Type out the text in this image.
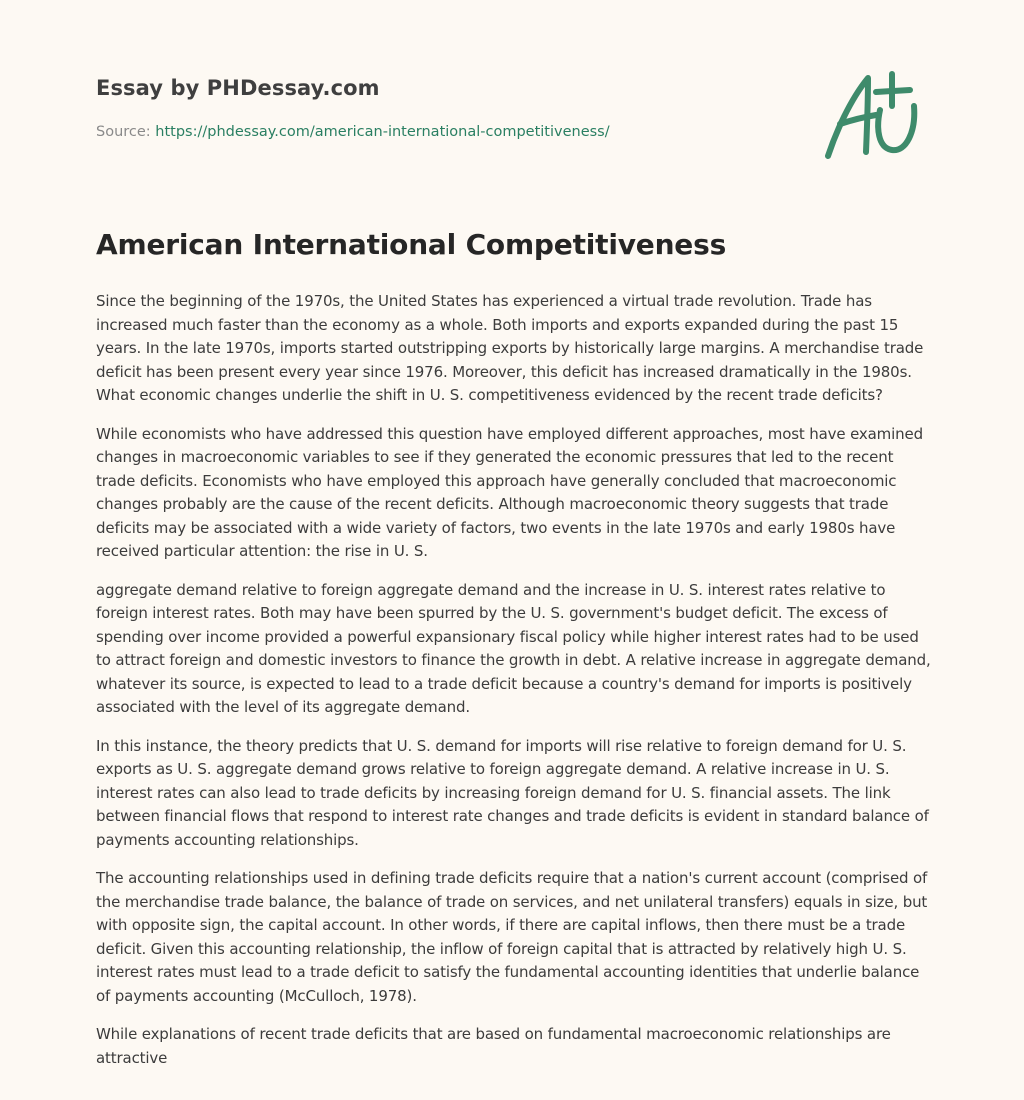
Essay by PHDessay.com
Source: https://phdessay.com/american-international-competitiveness/
American International Competitiveness

Since the beginning of the 1970s, the United States has experienced a virtual trade revolution. Trade has increased much faster than the economy as a whole. Both imports and exports expanded during the past 15 years. In the late 1970s, imports started outstripping exports by historically large margins. A merchandise trade deficit has been present every year since 1976. Moreover, this deficit has increased dramatically in the 1980s. What economic changes underlie the shift in U. S. competitiveness evidenced by the recent trade deficits?

While economists who have addressed this question have employed different approaches, most have examined changes in macroeconomic variables to see if they generated the economic pressures that led to the recent trade deficits. Economists who have employed this approach have generally concluded that macroeconomic changes probably are the cause of the recent deficits. Although macroeconomic theory suggests that trade deficits may be associated with a wide variety of factors, two events in the late 1970s and early 1980s have received particular attention: the rise in U. S.

aggregate demand relative to foreign aggregate demand and the increase in U. S. interest rates relative to foreign interest rates. Both may have been spurred by the U. S. government's budget deficit. The excess of spending over income provided a powerful expansionary fiscal policy while higher interest rates had to be used to attract foreign and domestic investors to finance the growth in debt. A relative increase in aggregate demand, whatever its source, is expected to lead to a trade deficit because a country's demand for imports is positively associated with the level of its aggregate demand.

In this instance, the theory predicts that U. S. demand for imports will rise relative to foreign demand for U. S. exports as U. S. aggregate demand grows relative to foreign aggregate demand. A relative increase in U. S. interest rates can also lead to trade deficits by increasing foreign demand for U. S. financial assets. The link between financial flows that respond to interest rate changes and trade deficits is evident in standard balance of payments accounting relationships.

The accounting relationships used in defining trade deficits require that a nation's current account (comprised of the merchandise trade balance, the balance of trade on services, and net unilateral transfers) equals in size, but with opposite sign, the capital account. In other words, if there are capital inflows, then there must be a trade deficit. Given this accounting relationship, the inflow of foreign capital that is attracted by relatively high U. S. interest rates must lead to a trade deficit to satisfy the fundamental accounting identities that underlie balance of payments accounting (McCulloch, 1978).

While explanations of recent trade deficits that are based on fundamental macroeconomic relationships are attractive
